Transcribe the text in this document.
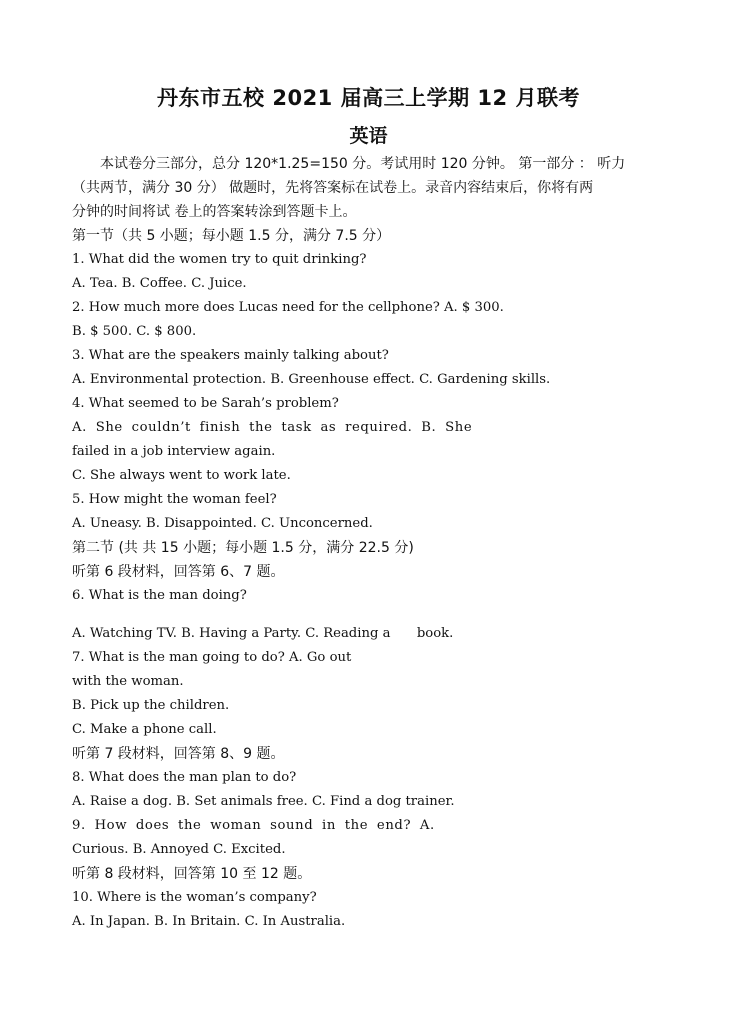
丹东市五校 2021 届高三上学期 12 月联考
英语
　　本试卷分三部分，总分 120*1.25=150 分。考试用时 120 分钟。 第一部分 ： 听力
（共两节，满分 30 分） 做题时，先将答案标在试卷上。录音内容结束后，你将有两
分钟的时间将试 卷上的答案转涂到答题卡上。
第一节（共 5 小题；每小题 1.5 分，满分 7.5 分）
1. What did the women try to quit drinking?
A. Tea. B. Coffee. C. Juice.
2. How much more does Lucas need for the cellphone? A. $ 300.
B. $ 500. C. $ 800.
3. What are the speakers mainly talking about?
A. Environmental protection. B. Greenhouse effect. C. Gardening skills.
4. What seemed to be Sarah’s problem?
A. She couldn’t finish the task as required. B. She
failed in a job interview again.
C. She always went to work late.
5. How might the woman feel?
A. Uneasy. B. Disappointed. C. Unconcerned.
第二节 (共 共 15 小题；每小题 1.5 分，满分 22.5 分)
听第 6 段材料，回答第 6、7 题。
6. What is the man doing?
A. Watching TV. B. Having a Party. C. Reading a　　book.
7. What is the man going to do? A. Go out
with the woman.
B. Pick up the children.
C. Make a phone call.
听第 7 段材料，回答第 8、9 题。
8. What does the man plan to do?
A. Raise a dog. B. Set animals free. C. Find a dog trainer.
9. How does the woman sound in the end? A.
Curious. B. Annoyed C. Excited.
听第 8 段材料，回答第 10 至 12 题。
10. Where is the woman’s company?
A. In Japan. B. In Britain. C. In Australia.
